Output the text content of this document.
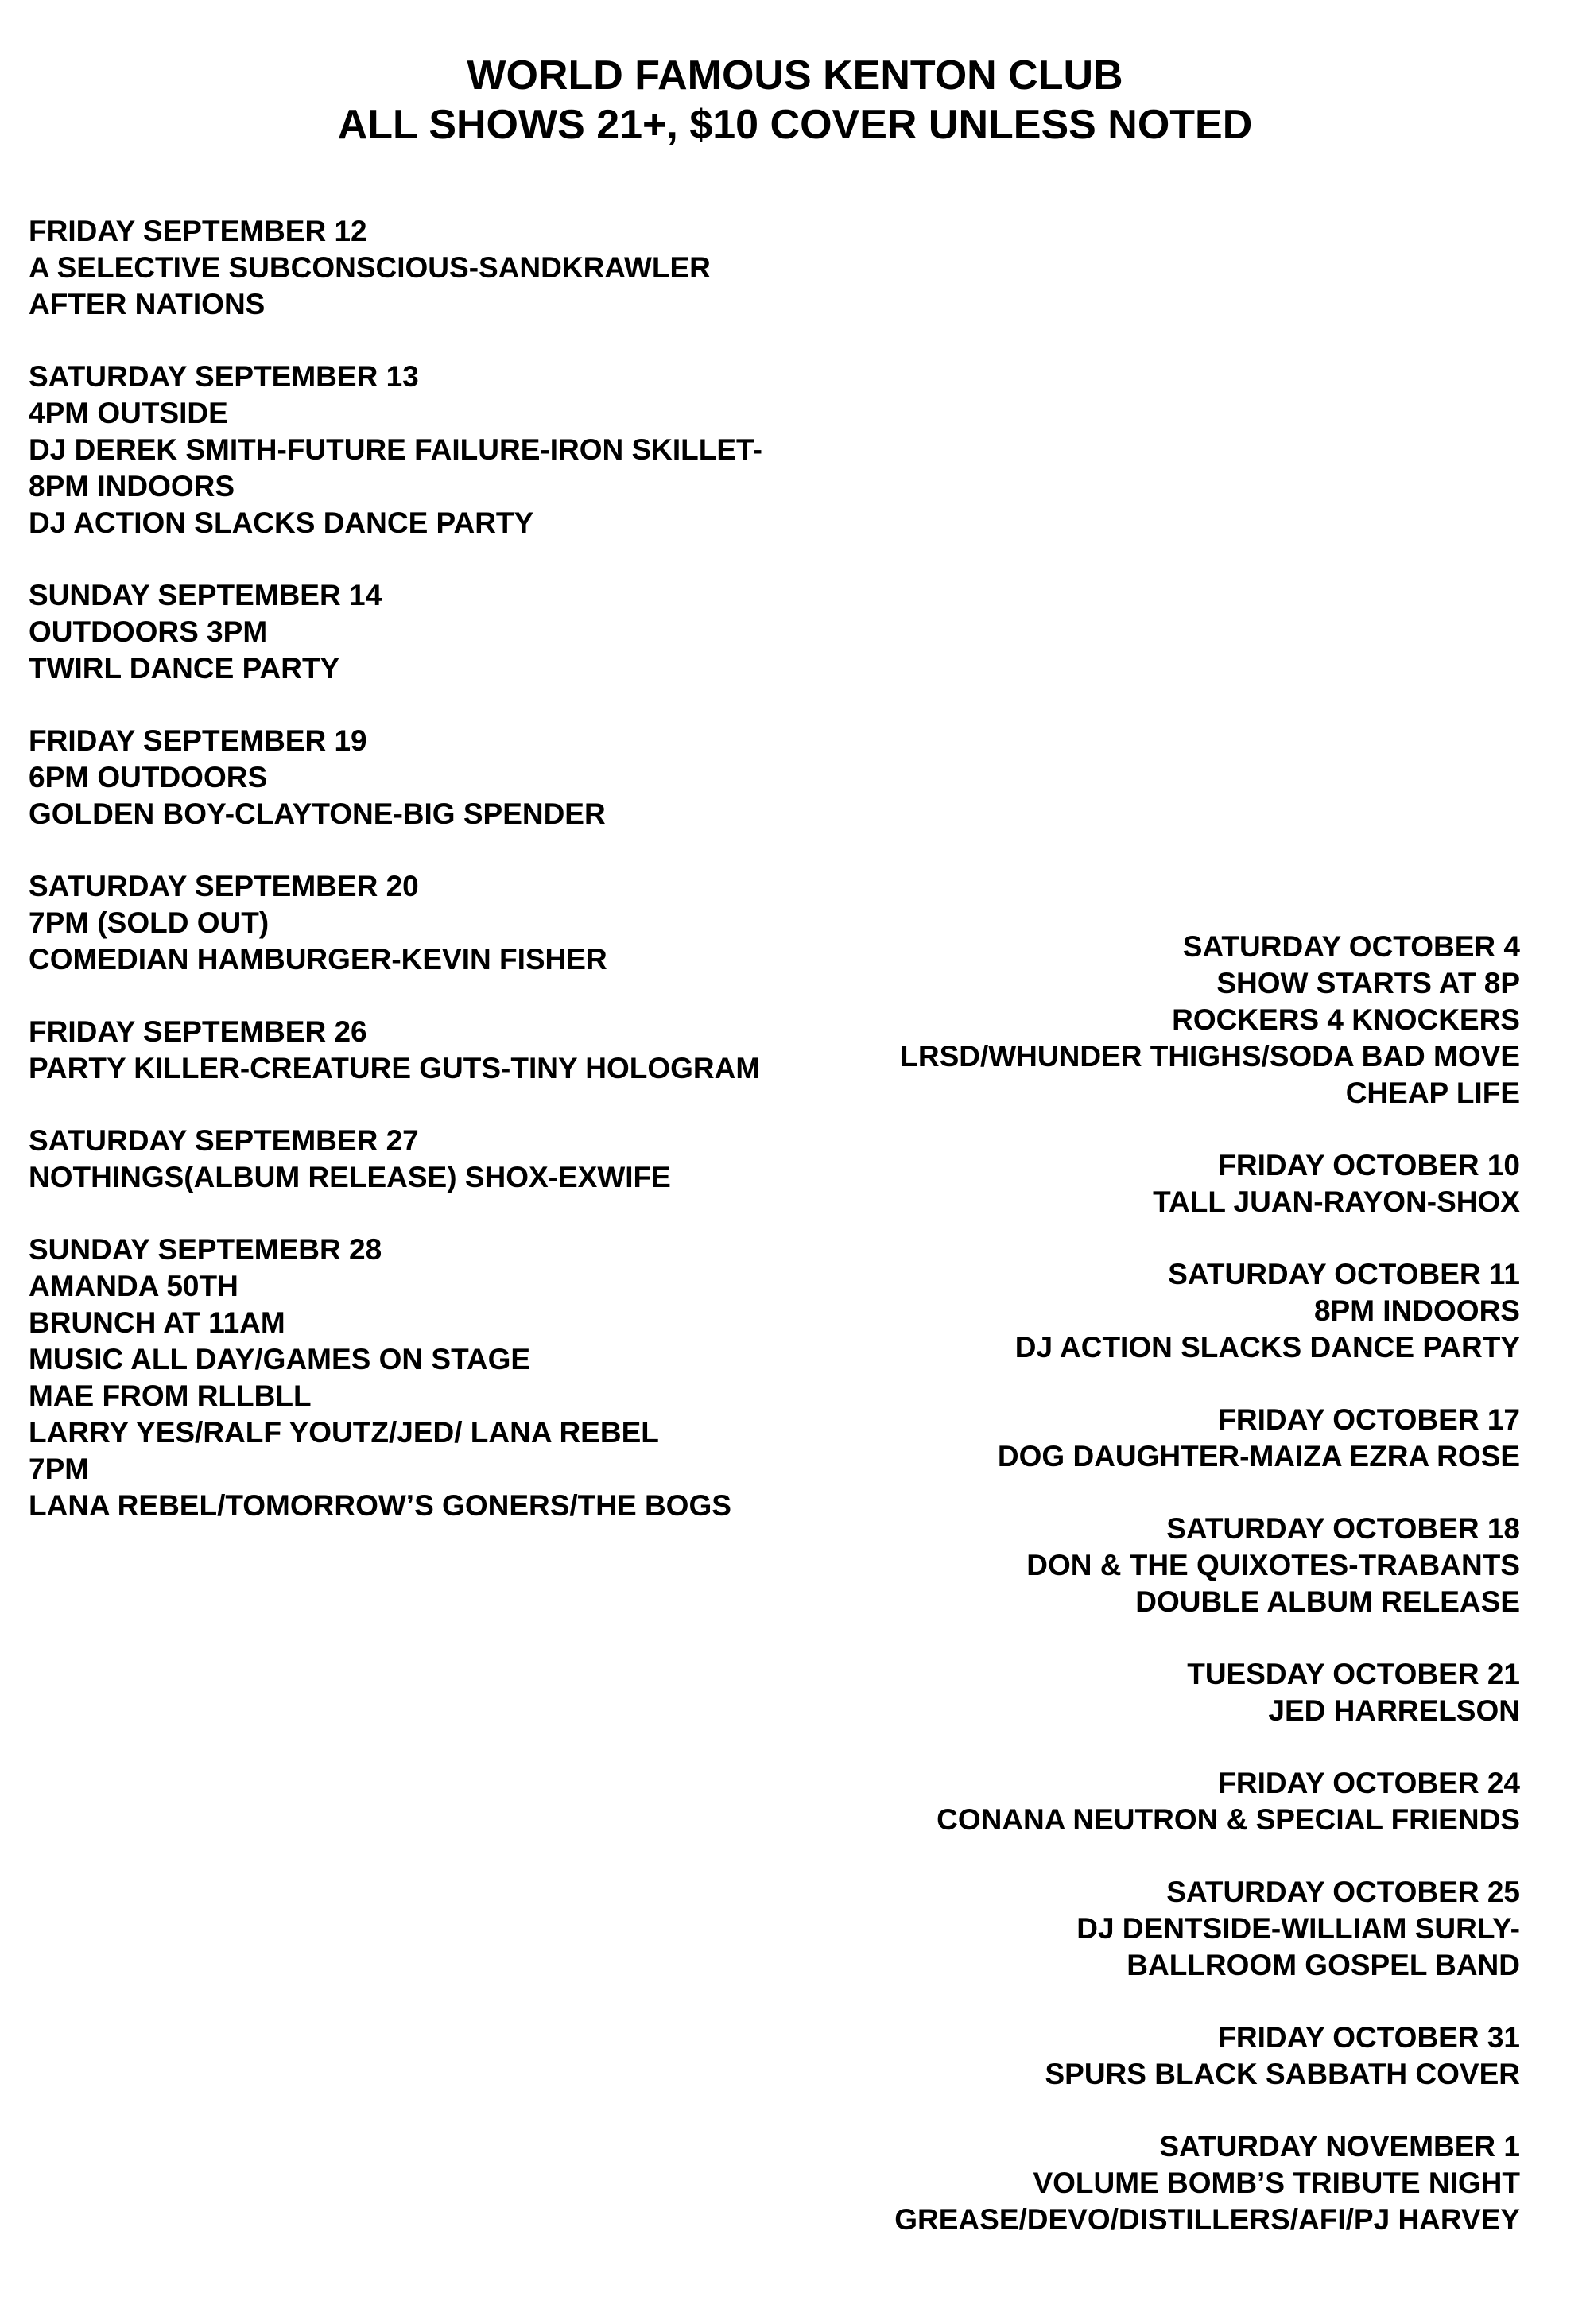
WORLD FAMOUS KENTON CLUB
ALL SHOWS 21+, $10 COVER UNLESS NOTED
FRIDAY SEPTEMBER 12
A SELECTIVE SUBCONSCIOUS-SANDKRAWLER
AFTER NATIONS
SATURDAY SEPTEMBER 13
4PM OUTSIDE
DJ DEREK SMITH-FUTURE FAILURE-IRON SKILLET-
8PM INDOORS
DJ ACTION SLACKS DANCE PARTY
SUNDAY SEPTEMBER 14
OUTDOORS 3PM
TWIRL DANCE PARTY
FRIDAY SEPTEMBER 19
6PM OUTDOORS
GOLDEN BOY-CLAYTONE-BIG SPENDER
SATURDAY SEPTEMBER 20
7PM (SOLD OUT)
COMEDIAN HAMBURGER-KEVIN FISHER
FRIDAY SEPTEMBER 26
PARTY KILLER-CREATURE GUTS-TINY HOLOGRAM
SATURDAY SEPTEMBER 27
NOTHINGS(ALBUM RELEASE) SHOX-EXWIFE
SUNDAY SEPTEMEBR 28
AMANDA 50TH
BRUNCH AT 11AM
MUSIC ALL DAY/GAMES ON STAGE
MAE FROM RLLBLL
LARRY YES/RALF YOUTZ/JED/ LANA REBEL
7PM
LANA REBEL/TOMORROW’S GONERS/THE BOGS
SATURDAY OCTOBER 4
SHOW STARTS AT 8P
ROCKERS 4 KNOCKERS
LRSD/WHUNDER THIGHS/SODA BAD MOVE
CHEAP LIFE
FRIDAY OCTOBER 10
TALL JUAN-RAYON-SHOX
SATURDAY OCTOBER 11
8PM INDOORS
DJ ACTION SLACKS DANCE PARTY
FRIDAY OCTOBER 17
DOG DAUGHTER-MAIZA EZRA ROSE
SATURDAY OCTOBER 18
DON & THE QUIXOTES-TRABANTS
DOUBLE ALBUM RELEASE
TUESDAY OCTOBER 21
JED HARRELSON
FRIDAY OCTOBER 24
CONANA NEUTRON & SPECIAL FRIENDS
SATURDAY OCTOBER 25
DJ DENTSIDE-WILLIAM SURLY-
BALLROOM GOSPEL BAND
FRIDAY OCTOBER 31
SPURS BLACK SABBATH COVER
SATURDAY NOVEMBER 1
VOLUME BOMB’S TRIBUTE NIGHT
GREASE/DEVO/DISTILLERS/AFI/PJ HARVEY
